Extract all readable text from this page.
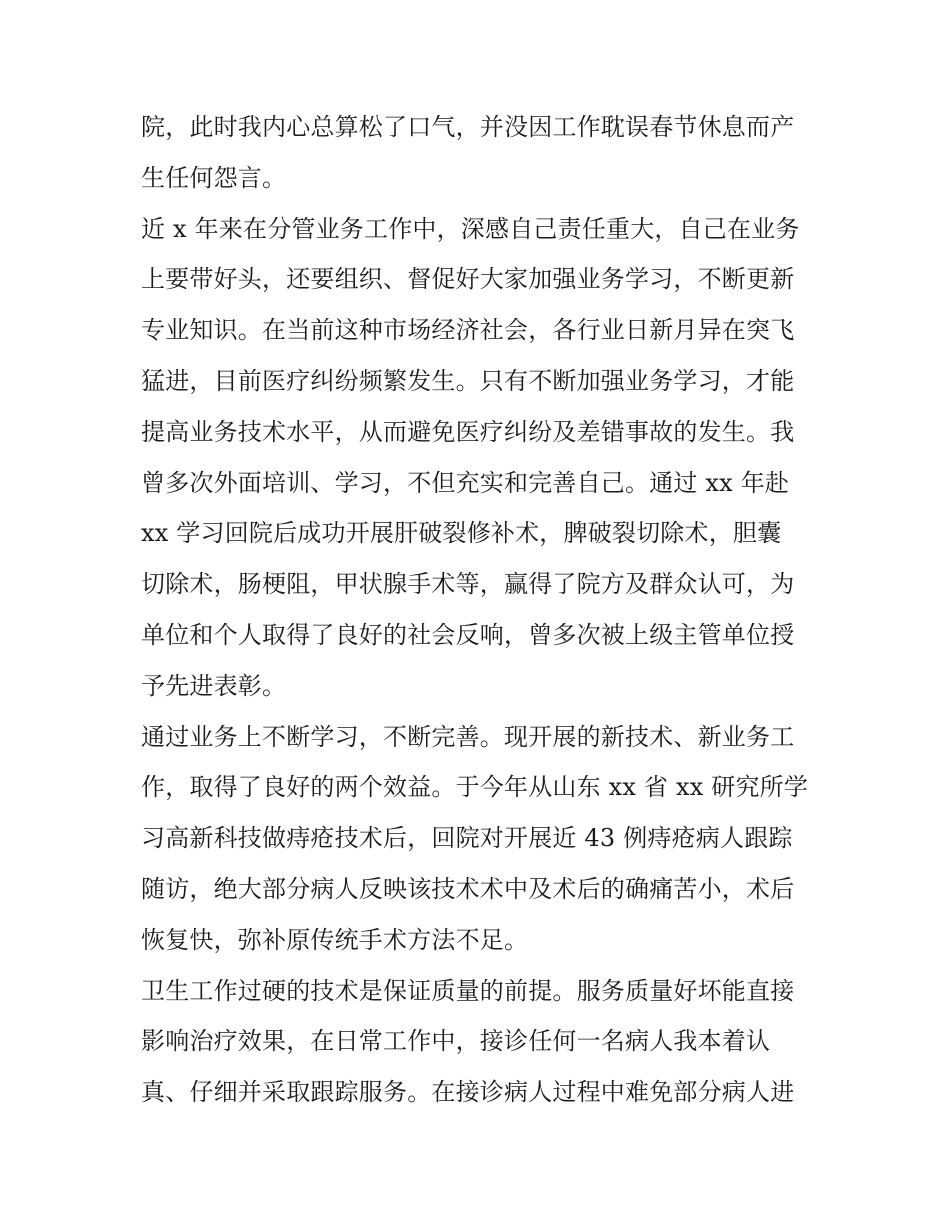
院，此时我内心总算松了口气，并没因工作耽误春节休息而产
生任何怨言。
近 x 年来在分管业务工作中，深感自己责任重大，自己在业务
上要带好头，还要组织、督促好大家加强业务学习，不断更新
专业知识。在当前这种市场经济社会，各行业日新月异在突飞
猛进，目前医疗纠纷频繁发生。只有不断加强业务学习，才能
提高业务技术水平，从而避免医疗纠纷及差错事故的发生。我
曾多次外面培训、学习，不但充实和完善自己。通过 xx 年赴
xx 学习回院后成功开展肝破裂修补术，脾破裂切除术，胆囊
切除术，肠梗阻，甲状腺手术等，赢得了院方及群众认可，为
单位和个人取得了良好的社会反响，曾多次被上级主管单位授
予先进表彰。
通过业务上不断学习，不断完善。现开展的新技术、新业务工
作，取得了良好的两个效益。于今年从山东 xx 省 xx 研究所学
习高新科技做痔疮技术后，回院对开展近 43 例痔疮病人跟踪
随访，绝大部分病人反映该技术术中及术后的确痛苦小，术后
恢复快，弥补原传统手术方法不足。
卫生工作过硬的技术是保证质量的前提。服务质量好坏能直接
影响治疗效果，在日常工作中，接诊任何一名病人我本着认
真、仔细并采取跟踪服务。在接诊病人过程中难免部分病人进
